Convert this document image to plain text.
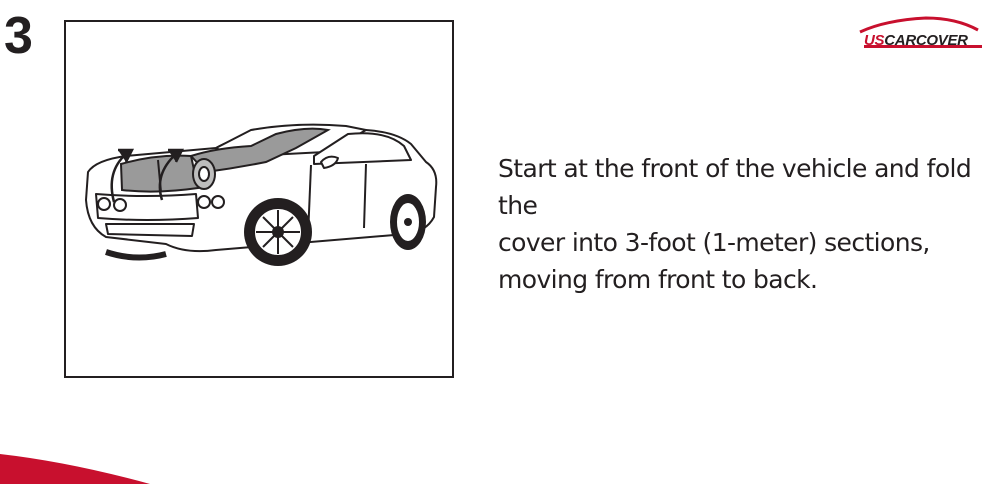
3
Start at the front of the vehicle and fold the
cover into 3-foot (1-meter) sections,
moving from front to back.
USCARCOVER
